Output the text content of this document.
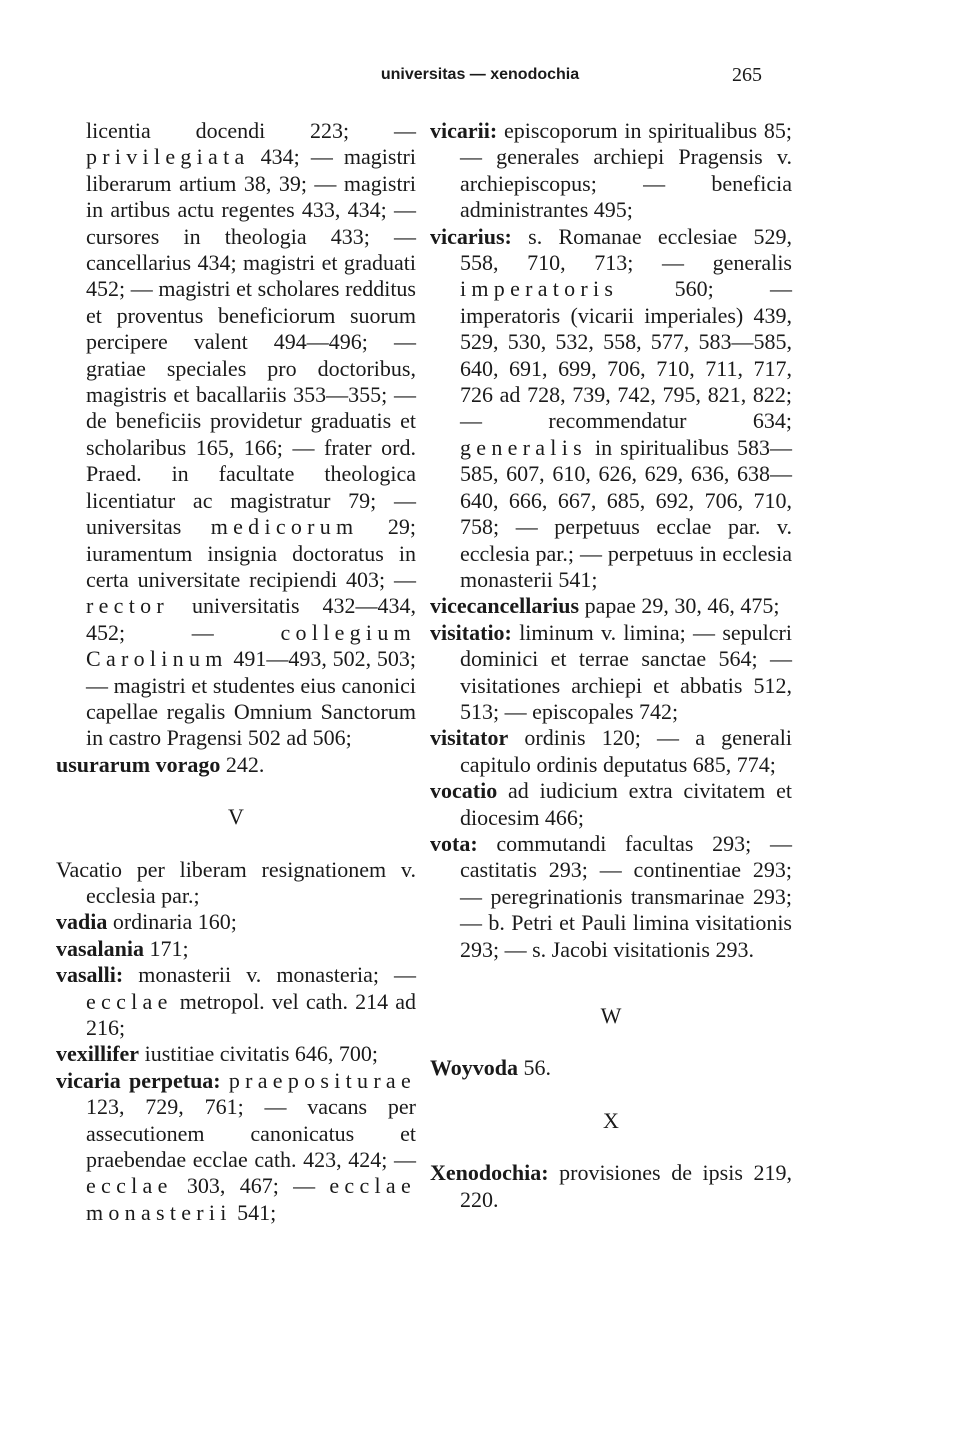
universitas — xenodochia	265

licentia docendi 223; — privilegiata 434; — magistri liberarum artium 38, 39; — magistri in artibus actu regentes 433, 434; — cursores in theologia 433; — cancellarius 434; magistri et graduati 452; — magistri et scholares redditus et proventus beneficiorum suorum percipere valent 494—496; — gratiae speciales pro doctoribus, magistris et bacallariis 353—355; — de beneficiis providetur graduatis et scholaribus 165, 166; — frater ord. Praed. in facultate theologica licentiatur ac magistratur 79; — universitas medicorum 29; iuramentum insignia doctoratus in certa universitate recipiendi 403; — rector universitatis 432—434, 452; — collegium Carolinum 491—493, 502, 503; — magistri et studentes eius canonici capellae regalis Omnium Sanctorum in castro Pragensi 502 ad 506;

usurarum vorago 242.

V

Vacatio per liberam resignationem v. ecclesia par.;

vadia ordinaria 160;

vasalania 171;

vasalli: monasterii v. monasteria; — ecclae metropol. vel cath. 214 ad 216;

vexillifer iustitiae civitatis 646, 700;

vicaria perpetua: praepositurae 123, 729, 761; — vacans per assecutionem canonicatus et praebendae ecclae cath. 423, 424; — ecclae 303, 467; — ecclae monasterii 541;

vicarii: episcoporum in spiritualibus 85; — generales archiepi Pragensis v. archiepiscopus; — beneficia administrantes 495;

vicarius: s. Romanae ecclesiae 529, 558, 710, 713; — generalis imperatoris 560; — imperatoris (vicarii imperiales) 439, 529, 530, 532, 558, 577, 583—585, 640, 691, 699, 706, 710, 711, 717, 726 ad 728, 739, 742, 795, 821, 822; — recommendatur 634; generalis in spiritualibus 583—585, 607, 610, 626, 629, 636, 638—640, 666, 667, 685, 692, 706, 710, 758; — perpetuus ecclae par. v. ecclesia par.; — perpetuus in ecclesia monasterii 541;

vicecancellarius papae 29, 30, 46, 475;

visitatio: liminum v. limina; — sepulcri dominici et terrae sanctae 564; — visitationes archiepi et abbatis 512, 513; — episcopales 742;

visitator ordinis 120; — a generali capitulo ordinis deputatus 685, 774;

vocatio ad iudicium extra civitatem et diocesim 466;

vota: commutandi facultas 293; — castitatis 293; — continentiae 293; — peregrinationis transmarinae 293; — b. Petri et Pauli limina visitationis 293; — s. Jacobi visitationis 293.

W

Woyvoda 56.

X

Xenodochia: provisiones de ipsis 219, 220.
